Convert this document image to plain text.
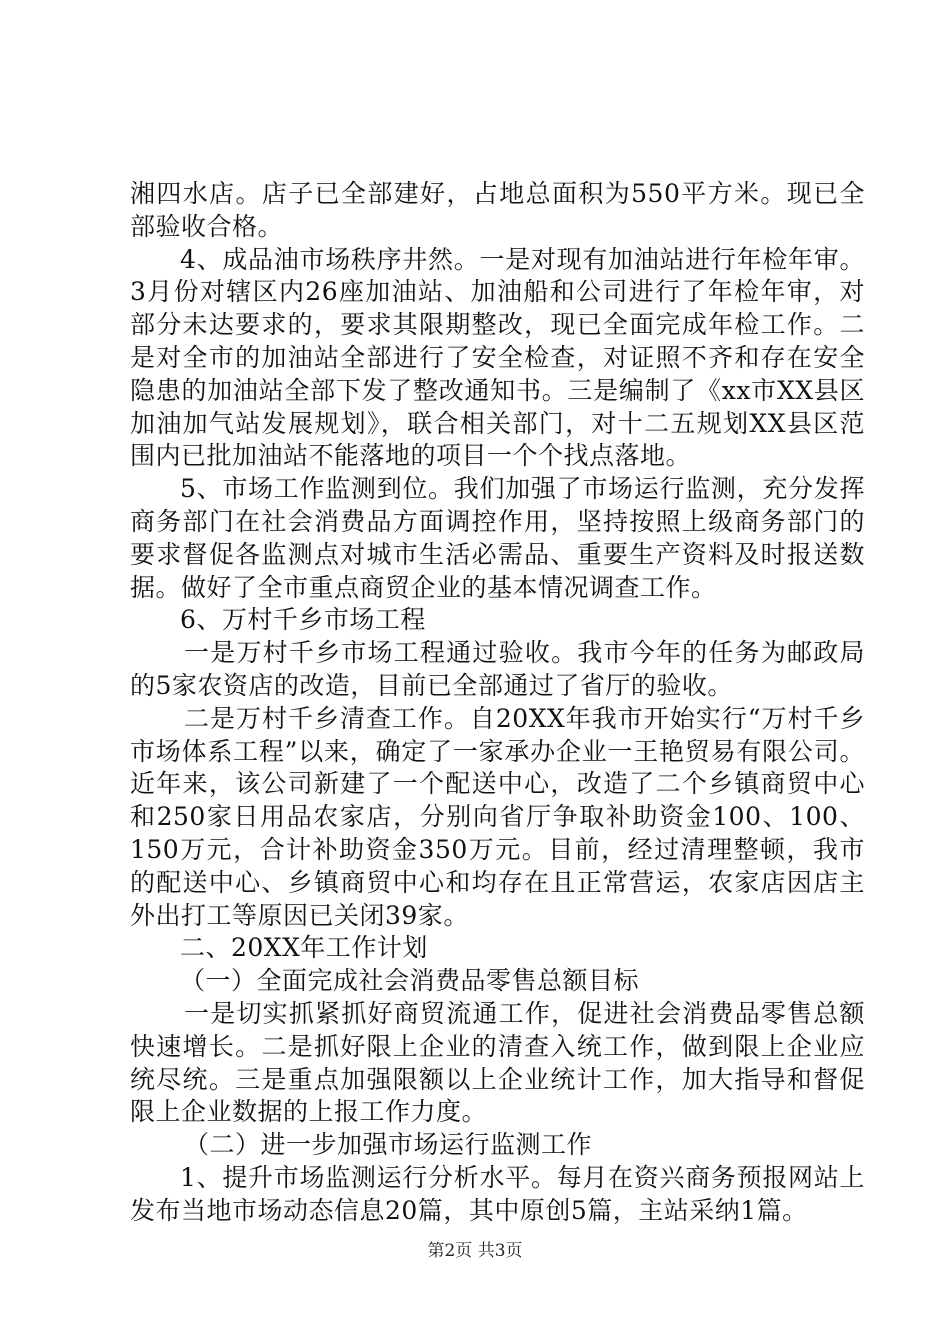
湘四水店。店子已全部建好，占地总面积为550平方米。现已全部验收合格。

4、成品油市场秩序井然。一是对现有加油站进行年检年审。3月份对辖区内26座加油站、加油船和公司进行了年检年审，对部分未达要求的，要求其限期整改，现已全面完成年检工作。二是对全市的加油站全部进行了安全检查，对证照不齐和存在安全隐患的加油站全部下发了整改通知书。三是编制了《xx市XX县区加油加气站发展规划》，联合相关部门，对十二五规划XX县区范围内已批加油站不能落地的项目一个个找点落地。

5、市场工作监测到位。我们加强了市场运行监测，充分发挥商务部门在社会消费品方面调控作用，坚持按照上级商务部门的要求督促各监测点对城市生活必需品、重要生产资料及时报送数据。做好了全市重点商贸企业的基本情况调查工作。

6、万村千乡市场工程

一是万村千乡市场工程通过验收。我市今年的任务为邮政局的5家农资店的改造，目前已全部通过了省厅的验收。

二是万村千乡清查工作。自20XX年我市开始实行“万村千乡市场体系工程”以来，确定了一家承办企业一王艳贸易有限公司。近年来，该公司新建了一个配送中心，改造了二个乡镇商贸中心和250家日用品农家店，分别向省厅争取补助资金100、100、150万元，合计补助资金350万元。目前，经过清理整顿，我市的配送中心、乡镇商贸中心和均存在且正常营运，农家店因店主外出打工等原因已关闭39家。

二、20XX年工作计划

（一）全面完成社会消费品零售总额目标

一是切实抓紧抓好商贸流通工作，促进社会消费品零售总额快速增长。二是抓好限上企业的清查入统工作，做到限上企业应统尽统。三是重点加强限额以上企业统计工作，加大指导和督促限上企业数据的上报工作力度。

（二）进一步加强市场运行监测工作

1、提升市场监测运行分析水平。每月在资兴商务预报网站上发布当地市场动态信息20篇，其中原创5篇，主站采纳1篇。

第2页 共3页
